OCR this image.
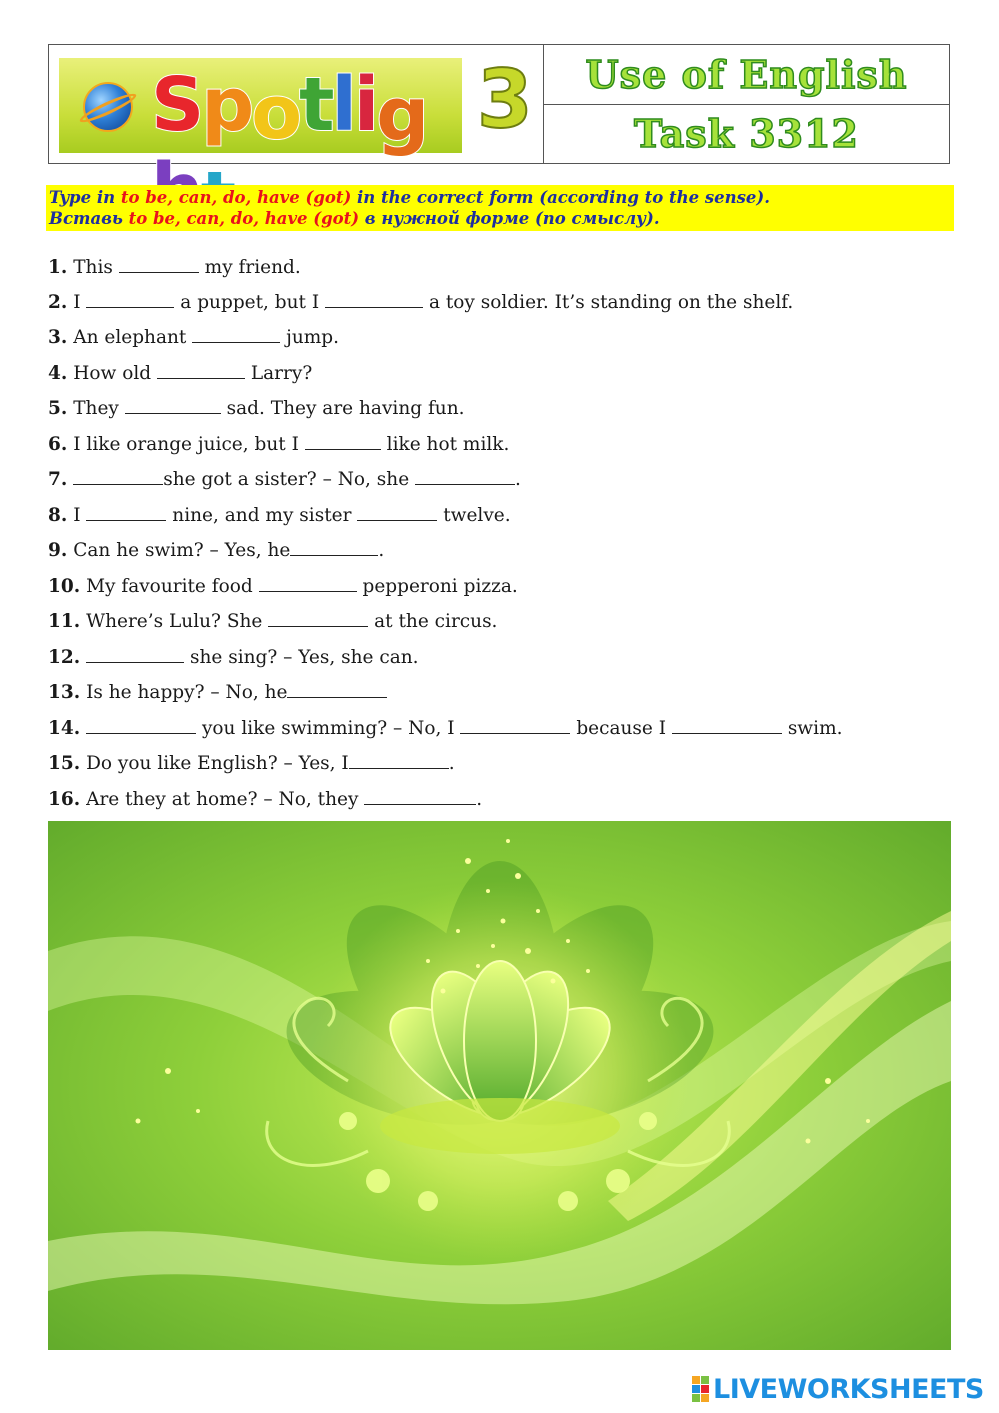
Spotlig 3	Use of English
Task 3312
Type in to be, can, do, have (got) in the correct form (according to the sense).
Вставь to be, can, do, have (got) в нужной форме (по смыслу).
1. This	my friend.
2. I	a puppet, but I	a toy soldier. It’s standing on the shelf.
3. An elephant	jump.
4. How old	Larry?
5. They	sad. They are having fun.
6. I like orange juice, but I	like hot milk.
7.	she got a sister? – No, she	.
8. I	nine, and my sister	twelve.
9. Can he swim? – Yes, he	.
10. My favourite food	pepperoni pizza.
11. Where’s Lulu? She	at the circus.
12.	she sing? – Yes, she can.
13. Is he happy? – No, he
14.	you like swimming? – No, I	because I	swim.
15. Do you like English? – Yes, I	.
16. Are they at home? – No, they	.
LIVEWORKSHEETS
